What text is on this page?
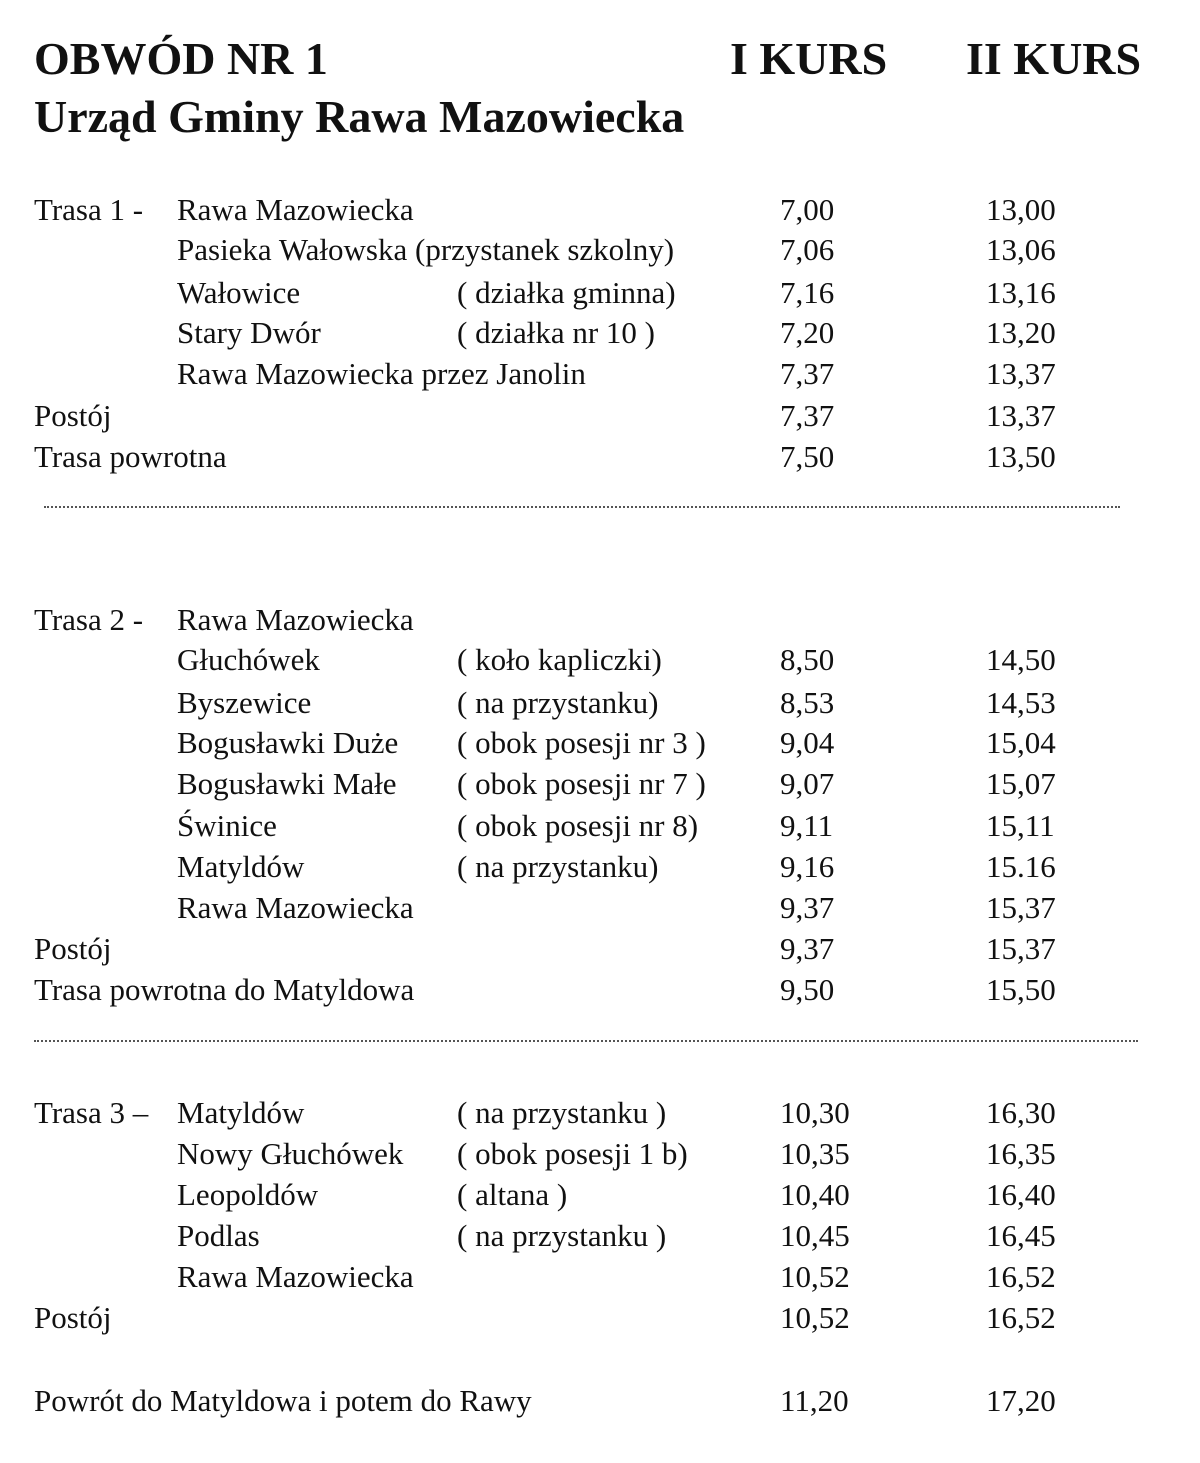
OBWÓD NR 1	I KURS II KURS
Urząd Gminy Rawa Mazowiecka
Trasa 1 - Rawa Mazowiecka	7,00	13,00
Pasieka Wałowska (przystanek szkolny)	7,06	13,06
Wałowice	( działka gminna)	7,16	13,16
Stary Dwór	( działka nr 10 )	7,20	13,20
Rawa Mazowiecka przez Janolin	7,37	13,37
Postój	7,37	13,37
Trasa powrotna	7,50	13,50
Trasa 2 - Rawa Mazowiecka
Głuchówek	( koło kapliczki)	8,50	14,50
Byszewice	( na przystanku)	8,53	14,53
Bogusławki Duże ( obok posesji nr 3 ) 9,04	15,04
Bogusławki Małe ( obok posesji nr 7 ) 9,07	15,07
Świnice	( obok posesji nr 8)	9,11	15,11
Matyldów	( na przystanku)	9,16	15.16
Rawa Mazowiecka	9,37	15,37
Postój	9,37	15,37
Trasa powrotna do Matyldowa	9,50	15,50
Trasa 3 – Matyldów	( na przystanku )	10,30	16,30
Nowy Głuchówek ( obok posesji 1 b)	10,35	16,35
Leopoldów	( altana )	10,40	16,40
Podlas	( na przystanku )	10,45	16,45
Rawa Mazowiecka	10,52	16,52
Postój	10,52	16,52
Powrót do Matyldowa i potem do Rawy	11,20	17,20
